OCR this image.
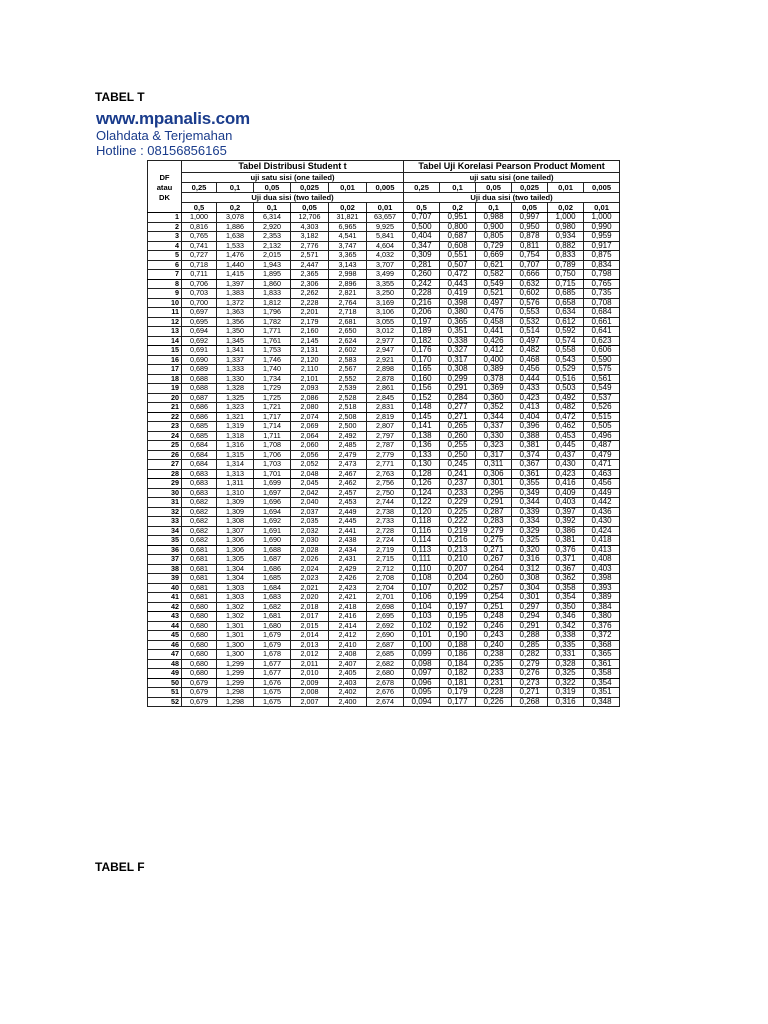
TABEL T
www.mpanalis.com
Olahdata & Terjemahan
Hotline : 08156856165
	Tabel Distribusi Student t						Tabel Uji Korelasi Pearson Product Moment					
DF	uji satu sisi (one tailed)						uji satu sisi (one tailed)					
atau	0,25	0,1	0,05	0,025	0,01	0,005	0,25	0,1	0,05	0,025	0,01	0,005
DK	Uji dua sisi (two tailed)						Uji dua sisi (two tailed)					
	0,5	0,2	0,1	0,05	0,02	0,01	0,5	0,2	0,1	0,05	0,02	0,01
1	1,000	3,078	6,314	12,706	31,821	63,657	0,707	0,951	0,988	0,997	1,000	1,000
2	0,816	1,886	2,920	4,303	6,965	9,925	0,500	0,800	0,900	0,950	0,980	0,990
3	0,765	1,638	2,353	3,182	4,541	5,841	0,404	0,687	0,805	0,878	0,934	0,959
4	0,741	1,533	2,132	2,776	3,747	4,604	0,347	0,608	0,729	0,811	0,882	0,917
5	0,727	1,476	2,015	2,571	3,365	4,032	0,309	0,551	0,669	0,754	0,833	0,875
6	0,718	1,440	1,943	2,447	3,143	3,707	0,281	0,507	0,621	0,707	0,789	0,834
7	0,711	1,415	1,895	2,365	2,998	3,499	0,260	0,472	0,582	0,666	0,750	0,798
8	0,706	1,397	1,860	2,306	2,896	3,355	0,242	0,443	0,549	0,632	0,715	0,765
9	0,703	1,383	1,833	2,262	2,821	3,250	0,228	0,419	0,521	0,602	0,685	0,735
10	0,700	1,372	1,812	2,228	2,764	3,169	0,216	0,398	0,497	0,576	0,658	0,708
11	0,697	1,363	1,796	2,201	2,718	3,106	0,206	0,380	0,476	0,553	0,634	0,684
12	0,695	1,356	1,782	2,179	2,681	3,055	0,197	0,365	0,458	0,532	0,612	0,661
13	0,694	1,350	1,771	2,160	2,650	3,012	0,189	0,351	0,441	0,514	0,592	0,641
14	0,692	1,345	1,761	2,145	2,624	2,977	0,182	0,338	0,426	0,497	0,574	0,623
15	0,691	1,341	1,753	2,131	2,602	2,947	0,176	0,327	0,412	0,482	0,558	0,606
16	0,690	1,337	1,746	2,120	2,583	2,921	0,170	0,317	0,400	0,468	0,543	0,590
17	0,689	1,333	1,740	2,110	2,567	2,898	0,165	0,308	0,389	0,456	0,529	0,575
18	0,688	1,330	1,734	2,101	2,552	2,878	0,160	0,299	0,378	0,444	0,516	0,561
19	0,688	1,328	1,729	2,093	2,539	2,861	0,156	0,291	0,369	0,433	0,503	0,549
20	0,687	1,325	1,725	2,086	2,528	2,845	0,152	0,284	0,360	0,423	0,492	0,537
21	0,686	1,323	1,721	2,080	2,518	2,831	0,148	0,277	0,352	0,413	0,482	0,526
22	0,686	1,321	1,717	2,074	2,508	2,819	0,145	0,271	0,344	0,404	0,472	0,515
23	0,685	1,319	1,714	2,069	2,500	2,807	0,141	0,265	0,337	0,396	0,462	0,505
24	0,685	1,318	1,711	2,064	2,492	2,797	0,138	0,260	0,330	0,388	0,453	0,496
25	0,684	1,316	1,708	2,060	2,485	2,787	0,136	0,255	0,323	0,381	0,445	0,487
26	0,684	1,315	1,706	2,056	2,479	2,779	0,133	0,250	0,317	0,374	0,437	0,479
27	0,684	1,314	1,703	2,052	2,473	2,771	0,130	0,245	0,311	0,367	0,430	0,471
28	0,683	1,313	1,701	2,048	2,467	2,763	0,128	0,241	0,306	0,361	0,423	0,463
29	0,683	1,311	1,699	2,045	2,462	2,756	0,126	0,237	0,301	0,355	0,416	0,456
30	0,683	1,310	1,697	2,042	2,457	2,750	0,124	0,233	0,296	0,349	0,409	0,449
31	0,682	1,309	1,696	2,040	2,453	2,744	0,122	0,229	0,291	0,344	0,403	0,442
32	0,682	1,309	1,694	2,037	2,449	2,738	0,120	0,225	0,287	0,339	0,397	0,436
33	0,682	1,308	1,692	2,035	2,445	2,733	0,118	0,222	0,283	0,334	0,392	0,430
34	0,682	1,307	1,691	2,032	2,441	2,728	0,116	0,219	0,279	0,329	0,386	0,424
35	0,682	1,306	1,690	2,030	2,438	2,724	0,114	0,216	0,275	0,325	0,381	0,418
36	0,681	1,306	1,688	2,028	2,434	2,719	0,113	0,213	0,271	0,320	0,376	0,413
37	0,681	1,305	1,687	2,026	2,431	2,715	0,111	0,210	0,267	0,316	0,371	0,408
38	0,681	1,304	1,686	2,024	2,429	2,712	0,110	0,207	0,264	0,312	0,367	0,403
39	0,681	1,304	1,685	2,023	2,426	2,708	0,108	0,204	0,260	0,308	0,362	0,398
40	0,681	1,303	1,684	2,021	2,423	2,704	0,107	0,202	0,257	0,304	0,358	0,393
41	0,681	1,303	1,683	2,020	2,421	2,701	0,106	0,199	0,254	0,301	0,354	0,389
42	0,680	1,302	1,682	2,018	2,418	2,698	0,104	0,197	0,251	0,297	0,350	0,384
43	0,680	1,302	1,681	2,017	2,416	2,695	0,103	0,195	0,248	0,294	0,346	0,380
44	0,680	1,301	1,680	2,015	2,414	2,692	0,102	0,192	0,246	0,291	0,342	0,376
45	0,680	1,301	1,679	2,014	2,412	2,690	0,101	0,190	0,243	0,288	0,338	0,372
46	0,680	1,300	1,679	2,013	2,410	2,687	0,100	0,188	0,240	0,285	0,335	0,368
47	0,680	1,300	1,678	2,012	2,408	2,685	0,099	0,186	0,238	0,282	0,331	0,365
48	0,680	1,299	1,677	2,011	2,407	2,682	0,098	0,184	0,235	0,279	0,328	0,361
49	0,680	1,299	1,677	2,010	2,405	2,680	0,097	0,182	0,233	0,276	0,325	0,358
50	0,679	1,299	1,676	2,009	2,403	2,678	0,096	0,181	0,231	0,273	0,322	0,354
51	0,679	1,298	1,675	2,008	2,402	2,676	0,095	0,179	0,228	0,271	0,319	0,351
52	0,679	1,298	1,675	2,007	2,400	2,674	0,094	0,177	0,226	0,268	0,316	0,348
TABEL F
